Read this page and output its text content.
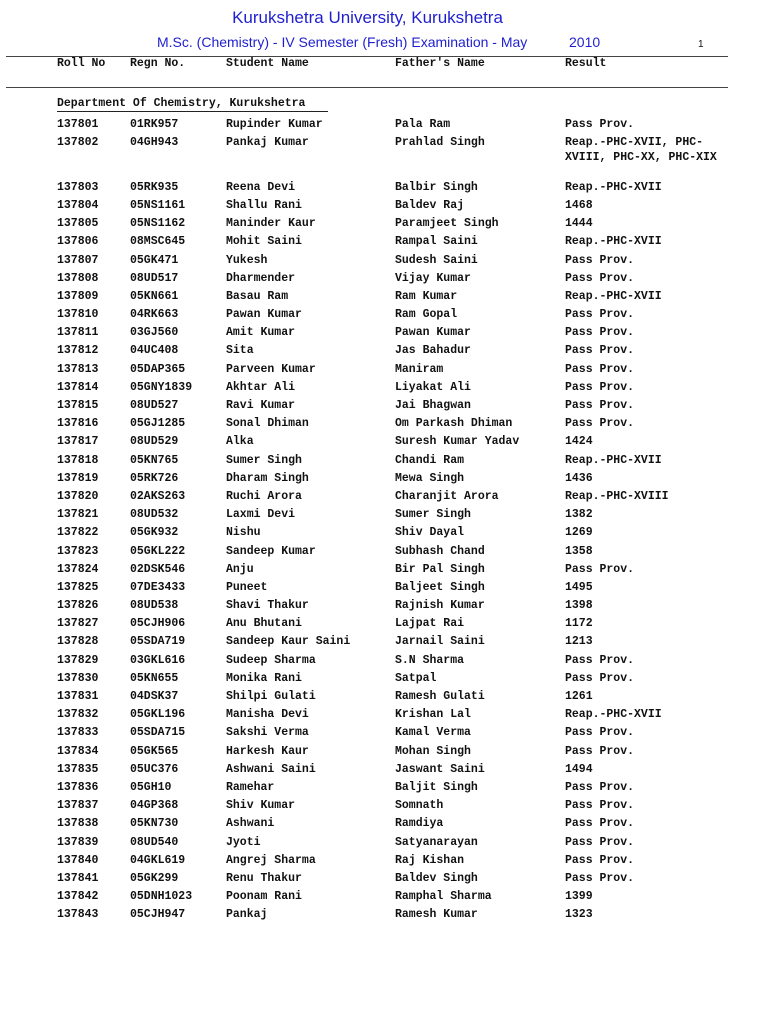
Kurukshetra University, Kurukshetra
M.Sc. (Chemistry) - IV Semester (Fresh) Examination - May	2010	1
Roll No Regn No.	Student Name	Father's Name	Result
Department Of Chemistry, Kurukshetra
137801	01RK957	Rupinder Kumar	Pala Ram	Pass Prov.
137802	04GH943	Pankaj Kumar	Prahlad Singh	Reap.-PHC-XVII, PHC-XVIII, PHC-XX, PHC-XIX
137803	05RK935	Reena Devi	Balbir Singh	Reap.-PHC-XVII
137804	05NS1161	Shallu Rani	Baldev Raj	1468
137805	05NS1162	Maninder Kaur	Paramjeet Singh	1444
137806	08MSC645	Mohit Saini	Rampal Saini	Reap.-PHC-XVII
137807	05GK471	Yukesh	Sudesh Saini	Pass Prov.
137808	08UD517	Dharmender	Vijay Kumar	Pass Prov.
137809	05KN661	Basau Ram	Ram Kumar	Reap.-PHC-XVII
137810	04RK663	Pawan Kumar	Ram Gopal	Pass Prov.
137811	03GJ560	Amit Kumar	Pawan Kumar	Pass Prov.
137812	04UC408	Sita	Jas Bahadur	Pass Prov.
137813	05DAP365	Parveen Kumar	Maniram	Pass Prov.
137814	05GNY1839	Akhtar Ali	Liyakat Ali	Pass Prov.
137815	08UD527	Ravi Kumar	Jai Bhagwan	Pass Prov.
137816	05GJ1285	Sonal Dhiman	Om Parkash Dhiman	Pass Prov.
137817	08UD529	Alka	Suresh Kumar Yadav	1424
137818	05KN765	Sumer Singh	Chandi Ram	Reap.-PHC-XVII
137819	05RK726	Dharam Singh	Mewa Singh	1436
137820	02AKS263	Ruchi Arora	Charanjit Arora	Reap.-PHC-XVIII
137821	08UD532	Laxmi Devi	Sumer Singh	1382
137822	05GK932	Nishu	Shiv Dayal	1269
137823	05GKL222	Sandeep Kumar	Subhash Chand	1358
137824	02DSK546	Anju	Bir Pal Singh	Pass Prov.
137825	07DE3433	Puneet	Baljeet Singh	1495
137826	08UD538	Shavi Thakur	Rajnish Kumar	1398
137827	05CJH906	Anu Bhutani	Lajpat Rai	1172
137828	05SDA719	Sandeep Kaur Saini	Jarnail Saini	1213
137829	03GKL616	Sudeep Sharma	S.N Sharma	Pass Prov.
137830	05KN655	Monika Rani	Satpal	Pass Prov.
137831	04DSK37	Shilpi Gulati	Ramesh Gulati	1261
137832	05GKL196	Manisha Devi	Krishan Lal	Reap.-PHC-XVII
137833	05SDA715	Sakshi Verma	Kamal Verma	Pass Prov.
137834	05GK565	Harkesh Kaur	Mohan Singh	Pass Prov.
137835	05UC376	Ashwani Saini	Jaswant Saini	1494
137836	05GH10	Ramehar	Baljit Singh	Pass Prov.
137837	04GP368	Shiv Kumar	Somnath	Pass Prov.
137838	05KN730	Ashwani	Ramdiya	Pass Prov.
137839	08UD540	Jyoti	Satyanarayan	Pass Prov.
137840	04GKL619	Angrej Sharma	Raj Kishan	Pass Prov.
137841	05GK299	Renu Thakur	Baldev Singh	Pass Prov.
137842	05DNH1023	Poonam Rani	Ramphal Sharma	1399
137843	05CJH947	Pankaj	Ramesh Kumar	1323
